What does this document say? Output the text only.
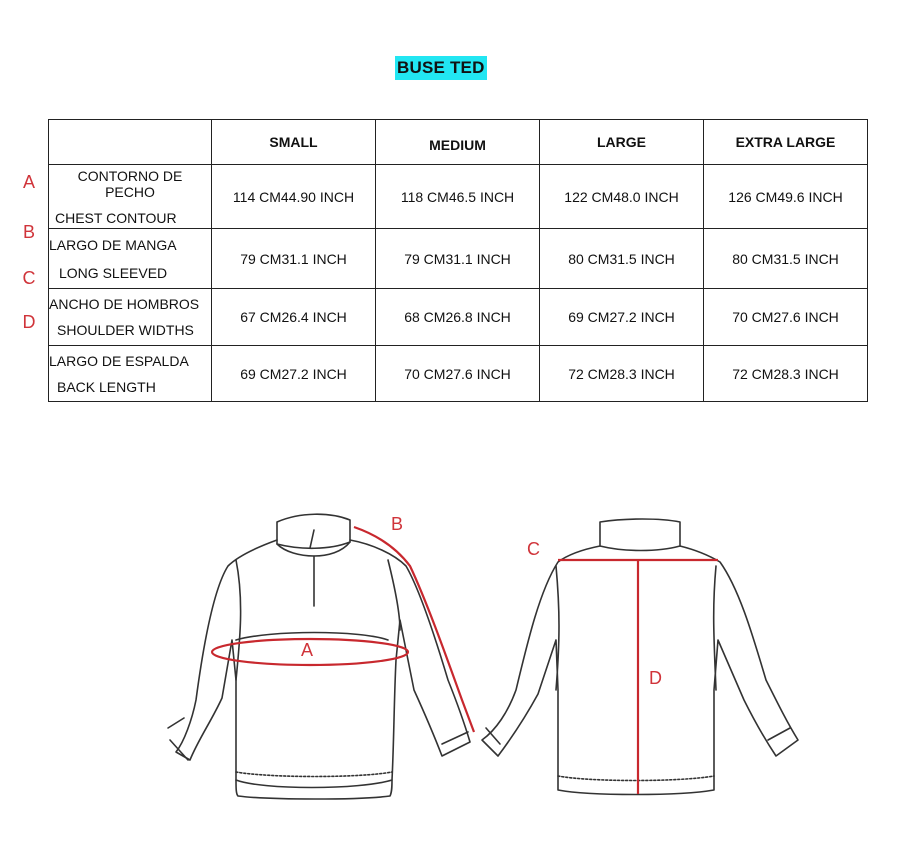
BUSE TED
A
B
C
D
	SMALL	MEDIUM	LARGE	EXTRA LARGE

CONTORNO DE PECHO
CHEST CONTOUR	114 CM44.90 INCH	118 CM46.5 INCH	122 CM48.0 INCH	126 CM49.6 INCH

LARGO DE MANGA
LONG SLEEVED	79 CM31.1 INCH	79 CM31.1 INCH	80 CM31.5 INCH	80 CM31.5 INCH

ANCHO DE HOMBROS
SHOULDER WIDTHS	67 CM26.4 INCH	68 CM26.8 INCH	69 CM27.2 INCH	70 CM27.6 INCH

LARGO DE ESPALDA
BACK LENGTH	69 CM27.2 INCH	70 CM27.6 INCH	72 CM28.3 INCH	72 CM28.3 INCH
A
B
C
D
